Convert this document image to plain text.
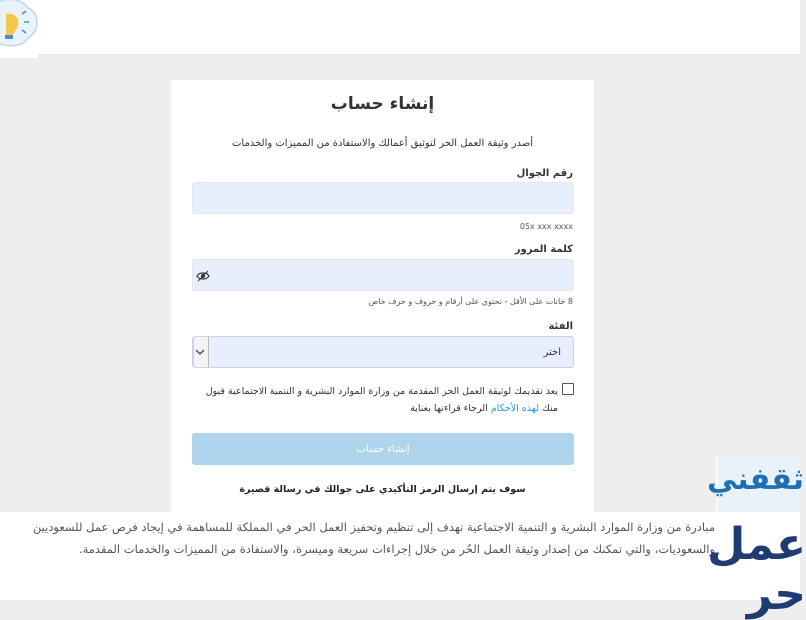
إنشاء حساب
أصدر وثيقة العمل الحر لتوثيق أعمالك والاستفادة من المميزات والخدمات
رقم الجوال
05x xxx xxxx
كلمة المرور
8 خانات على الأقل - تحتوي على أرقام و حروف و حرف خاص
الفئة
اختر
يعد تقديمك لوثيقة العمل الحر المقدمة من وزارة الموارد البشرية و التنمية الاجتماعية قبول منك لهذه الأحكام الرجاء قراءتها بعناية
إنشاء حساب
سوف يتم إرسال الرمز التأكيدي على جوالك في رسالة قصيرة
مبادرة من وزارة الموارد البشرية و التنمية الاجتماعية تهدف إلى تنظيم وتحفيز العمل الحر في المملكة للمساهمة في إيجاد فرص عمل للسعوديين والسعوديات، والتي تمكنك من إصدار وثيقة العمل الحُر من خلال إجراءات سريعة وميسرة، والاستفادة من المميزات والخدمات المقدمة.
عمل حر
ثقفني
